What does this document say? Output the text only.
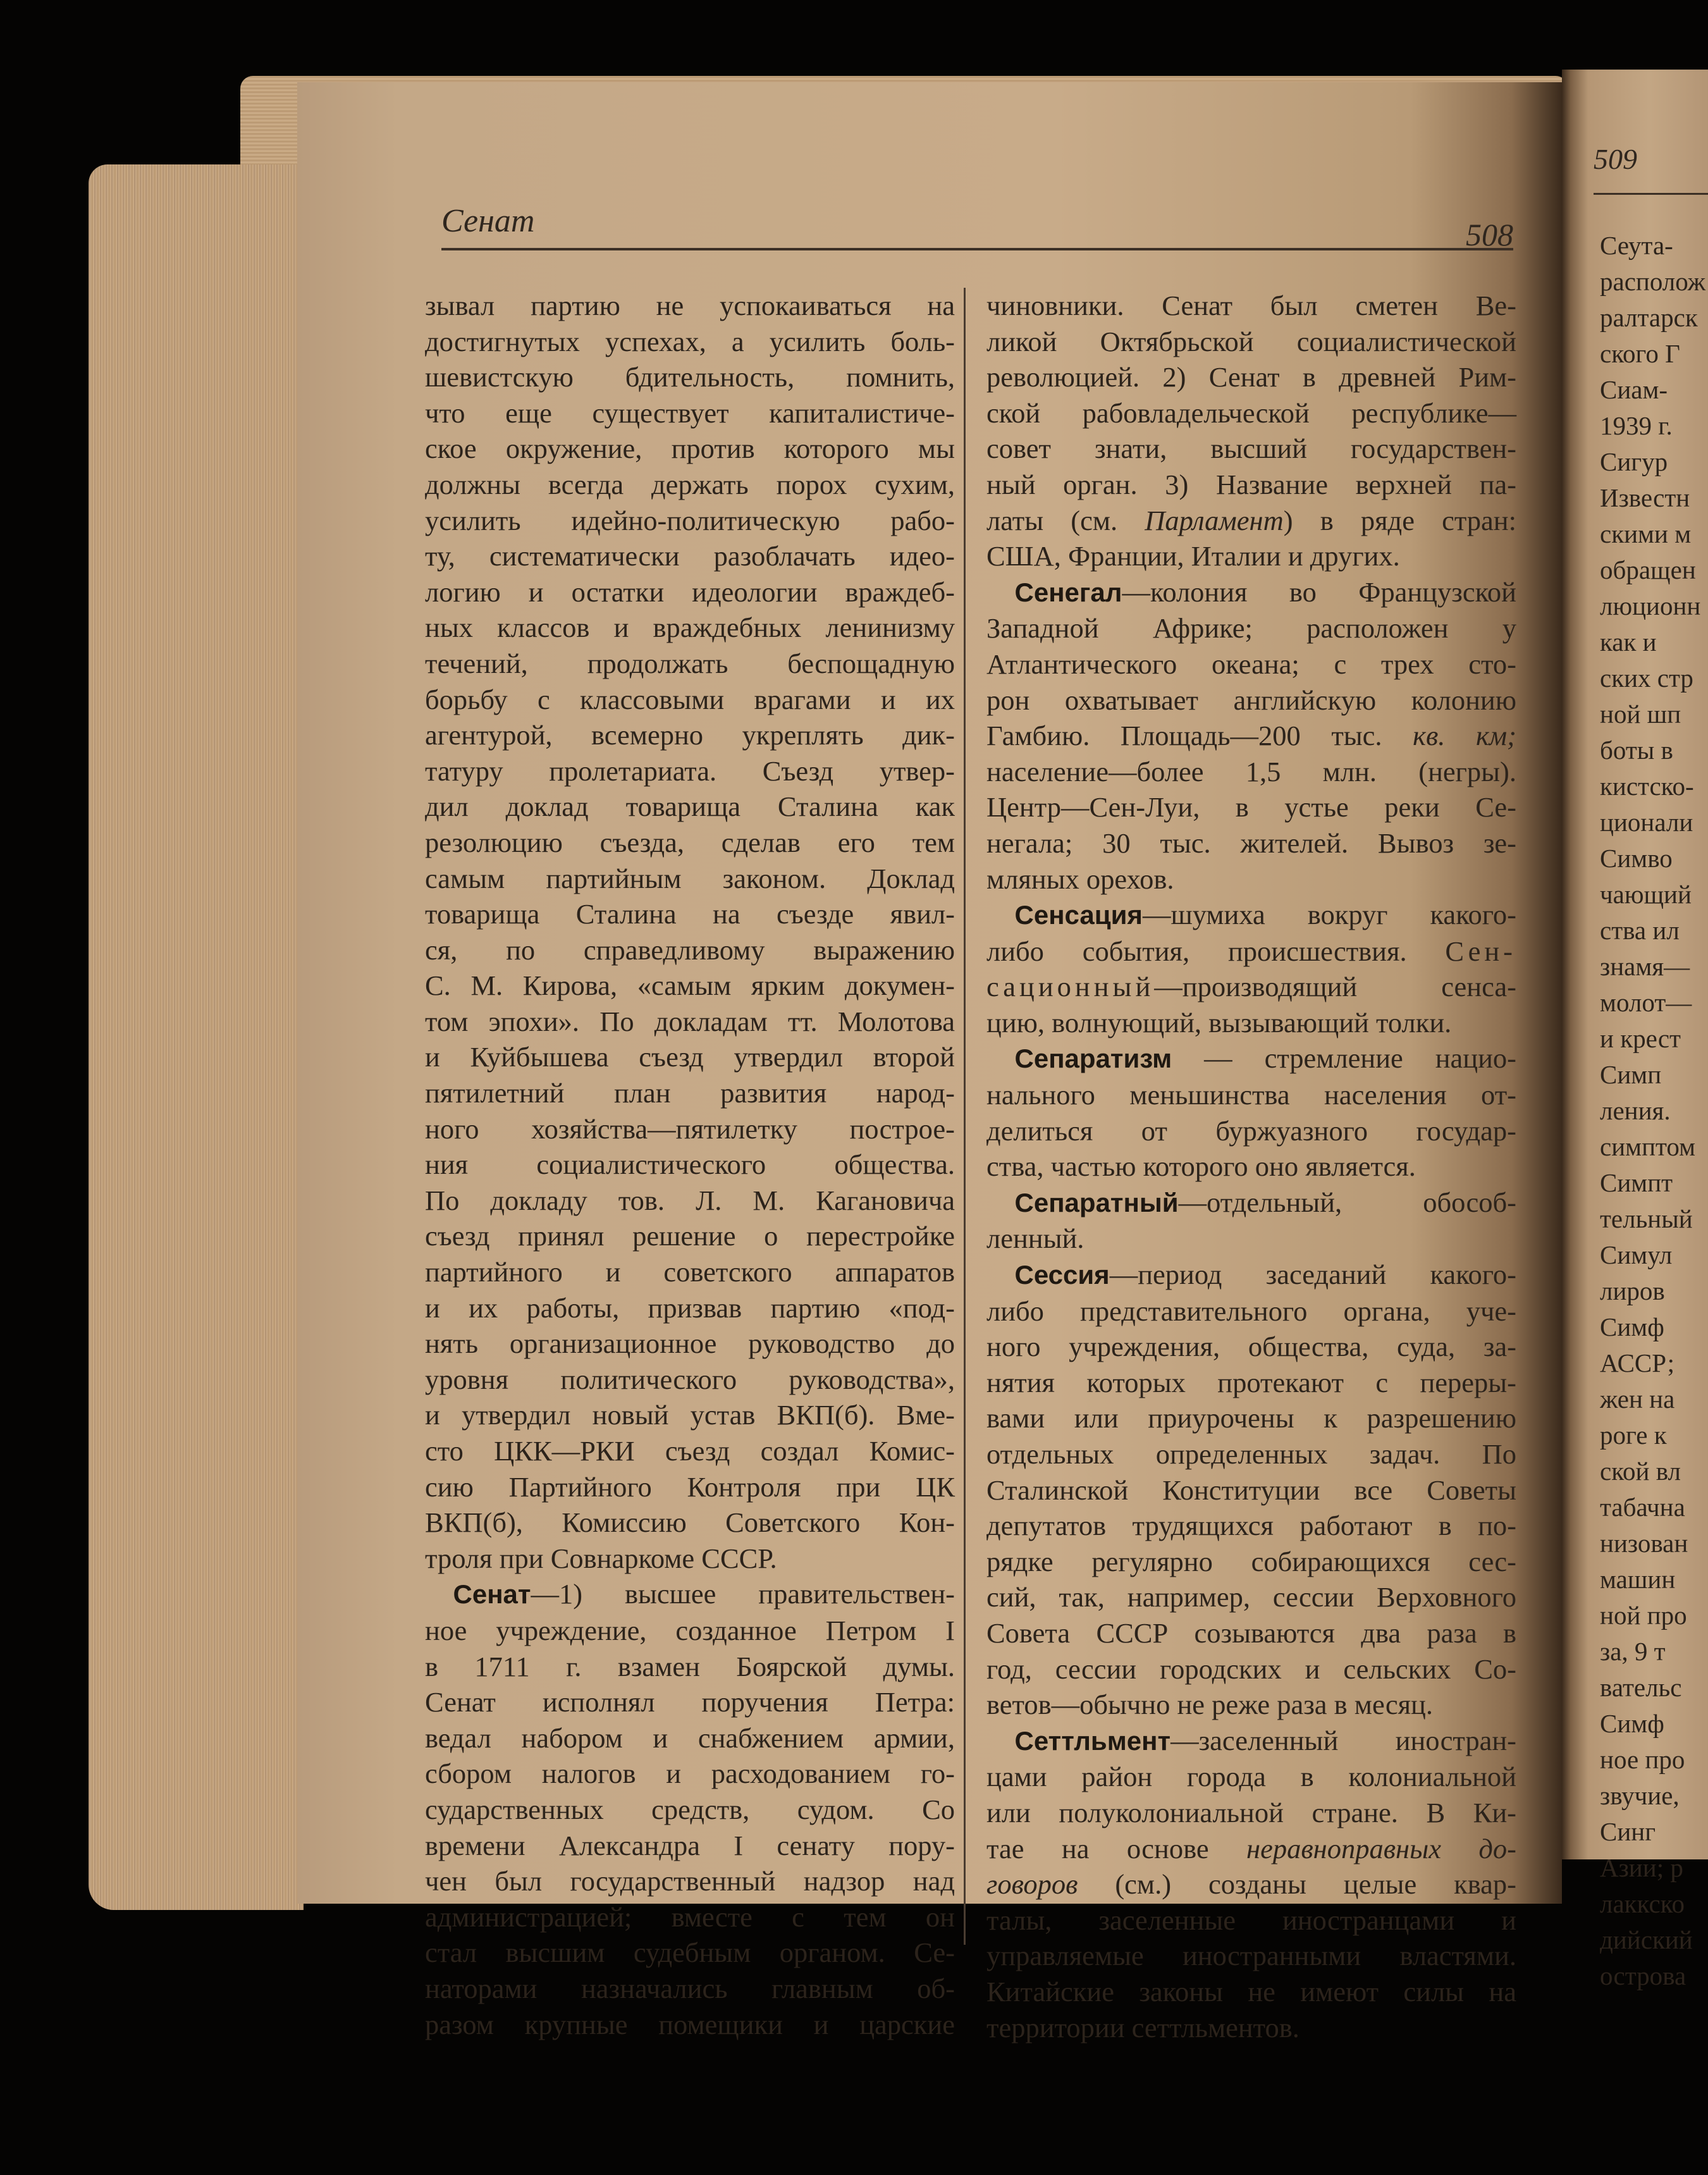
Сенат	508
зывал партию не успокаиваться на
достигнутых успехах, а усилить боль-
шевистскую бдительность, помнить,
что еще существует капиталистиче-
ское окружение, против которого мы
должны всегда держать порох сухим,
усилить идейно-политическую рабо-
ту, систематически разоблачать идео-
логию и остатки идеологии враждеб-
ных классов и враждебных ленинизму
течений, продолжать беспощадную
борьбу с классовыми врагами и их
агентурой, всемерно укреплять дик-
татуру пролетариата. Съезд утвер-
дил доклад товарища Сталина как
резолюцию съезда, сделав его тем
самым партийным законом. Доклад
товарища Сталина на съезде явил-
ся, по справедливому выражению
С. М. Кирова, «самым ярким докумен-
том эпохи». По докладам тт. Молотова
и Куйбышева съезд утвердил второй
пятилетний план развития народ-
ного хозяйства—пятилетку построе-
ния социалистического общества.
По докладу тов. Л. М. Кагановича
съезд принял решение о перестройке
партийного и советского аппаратов
и их работы, призвав партию «под-
нять организационное руководство до
уровня политического руководства»,
и утвердил новый устав ВКП(б). Вме-
сто ЦКК—РКИ съезд создал Комис-
сию Партийного Контроля при ЦК
ВКП(б), Комиссию Советского Кон-
троля при Совнаркоме СССР.

 Сенат—1) высшее правительствен-
ное учреждение, созданное Петром I
в 1711 г. взамен Боярской думы.
Сенат исполнял поручения Петра:
ведал набором и снабжением армии,
сбором налогов и расходованием го-
сударственных средств, судом. Со
времени Александра I сенату пору-
чен был государственный надзор над
администрацией; вместе с тем он
стал высшим судебным органом. Се-
наторами назначались главным об-
разом крупные помещики и царские

чиновники. Сенат был сметен Ве-
ликой Октябрьской социалистической
революцией. 2) Сенат в древней Рим-
ской рабовладельческой республике—
совет знати, высший государствен-
ный орган. 3) Название верхней па-
латы (см. Парламент) в ряде стран:
США, Франции, Италии и других.

 Сенегал—колония во Французской
Западной Африке; расположен у
Атлантического океана; с трех сто-
рон охватывает английскую колонию
Гамбию. Площадь—200 тыс. кв. км;
население—более 1,5 млн. (негры).
Центр—Сен-Луи, в устье реки Се-
негала; 30 тыс. жителей. Вывоз зе-
мляных орехов.

 Сенсация—шумиха вокруг какого-
либо события, происшествия. Сен-
сационный—производящий сенса-
цию, волнующий, вызывающий толки.

 Сепаратизм — стремление нацио-
нального меньшинства населения от-
делиться от буржуазного государ-
ства, частью которого оно является.

 Сепаратный—отдельный, обособ-
ленный.

 Сессия—период заседаний какого-
либо представительного органа, уче-
ного учреждения, общества, суда, за-
нятия которых протекают с переры-
вами или приурочены к разрешению
отдельных определенных задач. По
Сталинской Конституции все Советы
депутатов трудящихся работают в по-
рядке регулярно собирающихся сес-
сий, так, например, сессии Верховного
Совета СССР созываются два раза в
год, сессии городских и сельских Со-
ветов—обычно не реже раза в месяц.

 Сеттльмент—заселенный иностран-
цами район города в колониальной
или полуколониальной стране. В Ки-
тае на основе неравноправных до-
говоров (см.) созданы целые квар-
талы, заселенные иностранцами и
управляемые иностранными властями.
Китайские законы не имеют силы на
территории сеттльментов.

509
Сеута-
располож
ралтарск
ского Г
Сиам-
1939 г.
Сигур
Известн
скими м
обращен
люционн
как и
ских стр
ной шп
боты в
кистско-
ционали
Симво
чающий
ства ил
знамя—
молот—
и крест
Симп
ления.
симптом
Симпт
тельный
Симул
лиров
Симф
АССР;
жен на
роге к
ской вл
табачна
низован
машин
ной про
за, 9 т
вательс
Симф
ное про
звучие,
Синг
Азии; р
лаккско
дийский
острова
